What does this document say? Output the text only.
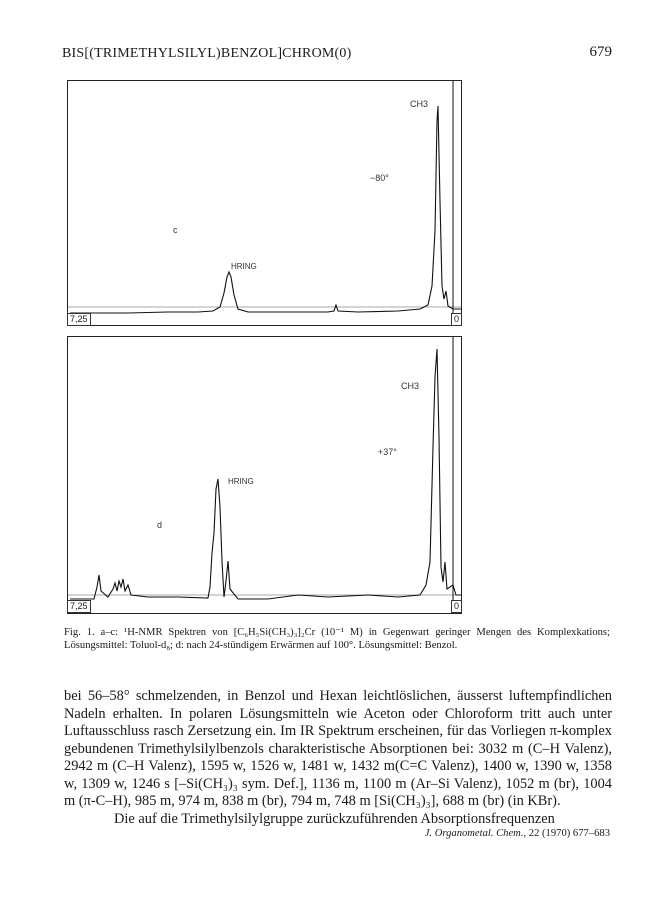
BIS[(TRIMETHYLSILYL)BENZOL]CHROM(0)	679
c
CH3
−80°
HRING
7,25	0
d
CH3
+37°
HRING
7,25	0
Fig. 1. a–c: ¹H-NMR Spektren von [C₆H₅Si(CH₃)₃]₂Cr (10⁻¹ M) in Gegenwart geringer Mengen des Komplexkations; Lösungsmittel: Toluol-d₈; d: nach 24-stündigem Erwärmen auf 100°. Lösungsmittel: Benzol.

bei 56–58° schmelzenden, in Benzol und Hexan leichtlöslichen, äusserst luftempfindlichen Nadeln erhalten. In polaren Lösungsmitteln wie Aceton oder Chloroform tritt auch unter Luftausschluss rasch Zersetzung ein. Im IR Spektrum erscheinen, für das Vorliegen π-komplex gebundenen Trimethylsilylbenzols charakteristische Absorptionen bei: 3032 m (C–H Valenz), 2942 m (C–H Valenz), 1595 w, 1526 w, 1481 w, 1432 m(C=C Valenz), 1400 w, 1390 w, 1358 w, 1309 w, 1246 s [–Si(CH₃)₃ sym. Def.], 1136 m, 1100 m (Ar–Si Valenz), 1052 m (br), 1004 m (π-C–H), 985 m, 974 m, 838 m (br), 794 m, 748 m [Si(CH₃)₃], 688 m (br) (in KBr).

Die auf die Trimethylsilylgruppe zurückzuführenden Absorptionsfrequenzen

J. Organometal. Chem., 22 (1970) 677–683
